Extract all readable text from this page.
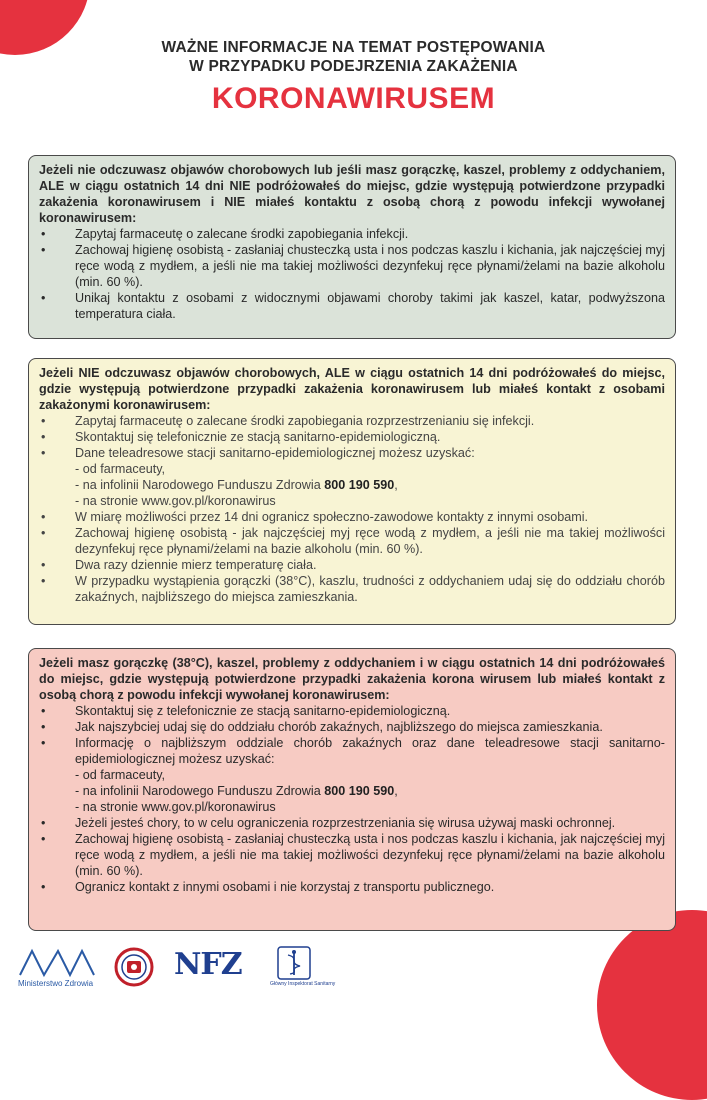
WAŻNE INFORMACJE NA TEMAT POSTĘPOWANIA
W PRZYPADKU PODEJRZENIA ZAKAŻENIA
KORONAWIRUSEM
Jeżeli nie odczuwasz objawów chorobowych lub jeśli masz gorączkę, kaszel, problemy z oddychaniem, ALE w ciągu ostatnich 14 dni NIE podróżowałeś do miejsc, gdzie występują potwierdzone przypadki zakażenia koronawirusem i NIE miałeś kontaktu z osobą chorą z powodu infekcji wywołanej koronawirusem:
• Zapytaj farmaceutę o zalecane środki zapobiegania infekcji.
• Zachowaj higienę osobistą - zasłaniaj chusteczką usta i nos podczas kaszlu i kichania, jak najczęściej myj ręce wodą z mydłem, a jeśli nie ma takiej możliwości dezynfekuj ręce płynami/żelami na bazie alkoholu (min. 60 %).
• Unikaj kontaktu z osobami z widocznymi objawami choroby takimi jak kaszel, katar, podwyższona temperatura ciała.
Jeżeli NIE odczuwasz objawów chorobowych, ALE w ciągu ostatnich 14 dni podróżowałeś do miejsc, gdzie występują potwierdzone przypadki zakażenia koronawirusem lub miałeś kontakt z osobami zakażonymi koronawirusem:
• Zapytaj farmaceutę o zalecane środki zapobiegania rozprzestrzenianiu się infekcji.
• Skontaktuj się telefonicznie ze stacją sanitarno-epidemiologiczną.
• Dane teleadresowe stacji sanitarno-epidemiologicznej możesz uzyskać:
- od farmaceuty,
- na infolinii Narodowego Funduszu Zdrowia 800 190 590,
- na stronie www.gov.pl/koronawirus
• W miarę możliwości przez 14 dni ogranicz społeczno-zawodowe kontakty z innymi osobami.
• Zachowaj higienę osobistą - jak najczęściej myj ręce wodą z mydłem, a jeśli nie ma takiej możliwości dezynfekuj ręce płynami/żelami na bazie alkoholu (min. 60 %).
• Dwa razy dziennie mierz temperaturę ciała.
• W przypadku wystąpienia gorączki (38°C), kaszlu, trudności z oddychaniem udaj się do oddziału chorób zakaźnych, najbliższego do miejsca zamieszkania.
Jeżeli masz gorączkę (38°C), kaszel, problemy z oddychaniem i w ciągu ostatnich 14 dni podróżowałeś do miejsc, gdzie występują potwierdzone przypadki zakażenia korona wirusem lub miałeś kontakt z osobą chorą z powodu infekcji wywołanej koronawirusem:
• Skontaktuj się z telefonicznie ze stacją sanitarno-epidemiologiczną.
• Jak najszybciej udaj się do oddziału chorób zakaźnych, najbliższego do miejsca zamieszkania.
• Informację o najbliższym oddziale chorób zakaźnych oraz dane teleadresowe stacji sanitarno-epidemiologicznej możesz uzyskać:
- od farmaceuty,
- na infolinii Narodowego Funduszu Zdrowia 800 190 590,
- na stronie www.gov.pl/koronawirus
• Jeżeli jesteś chory, to w celu ograniczenia rozprzestrzeniania się wirusa używaj maski ochronnej.
• Zachowaj higienę osobistą - zasłaniaj chusteczką usta i nos podczas kaszlu i kichania, jak najczęściej myj ręce wodą z mydłem, a jeśli nie ma takiej możliwości dezynfekuj ręce płynami/żelami na bazie alkoholu (min. 60 %).
• Ogranicz kontakt z innymi osobami i nie korzystaj z transportu publicznego.
Ministerstwo Zdrowia
NFZ
Główny Inspektorat Sanitarny
